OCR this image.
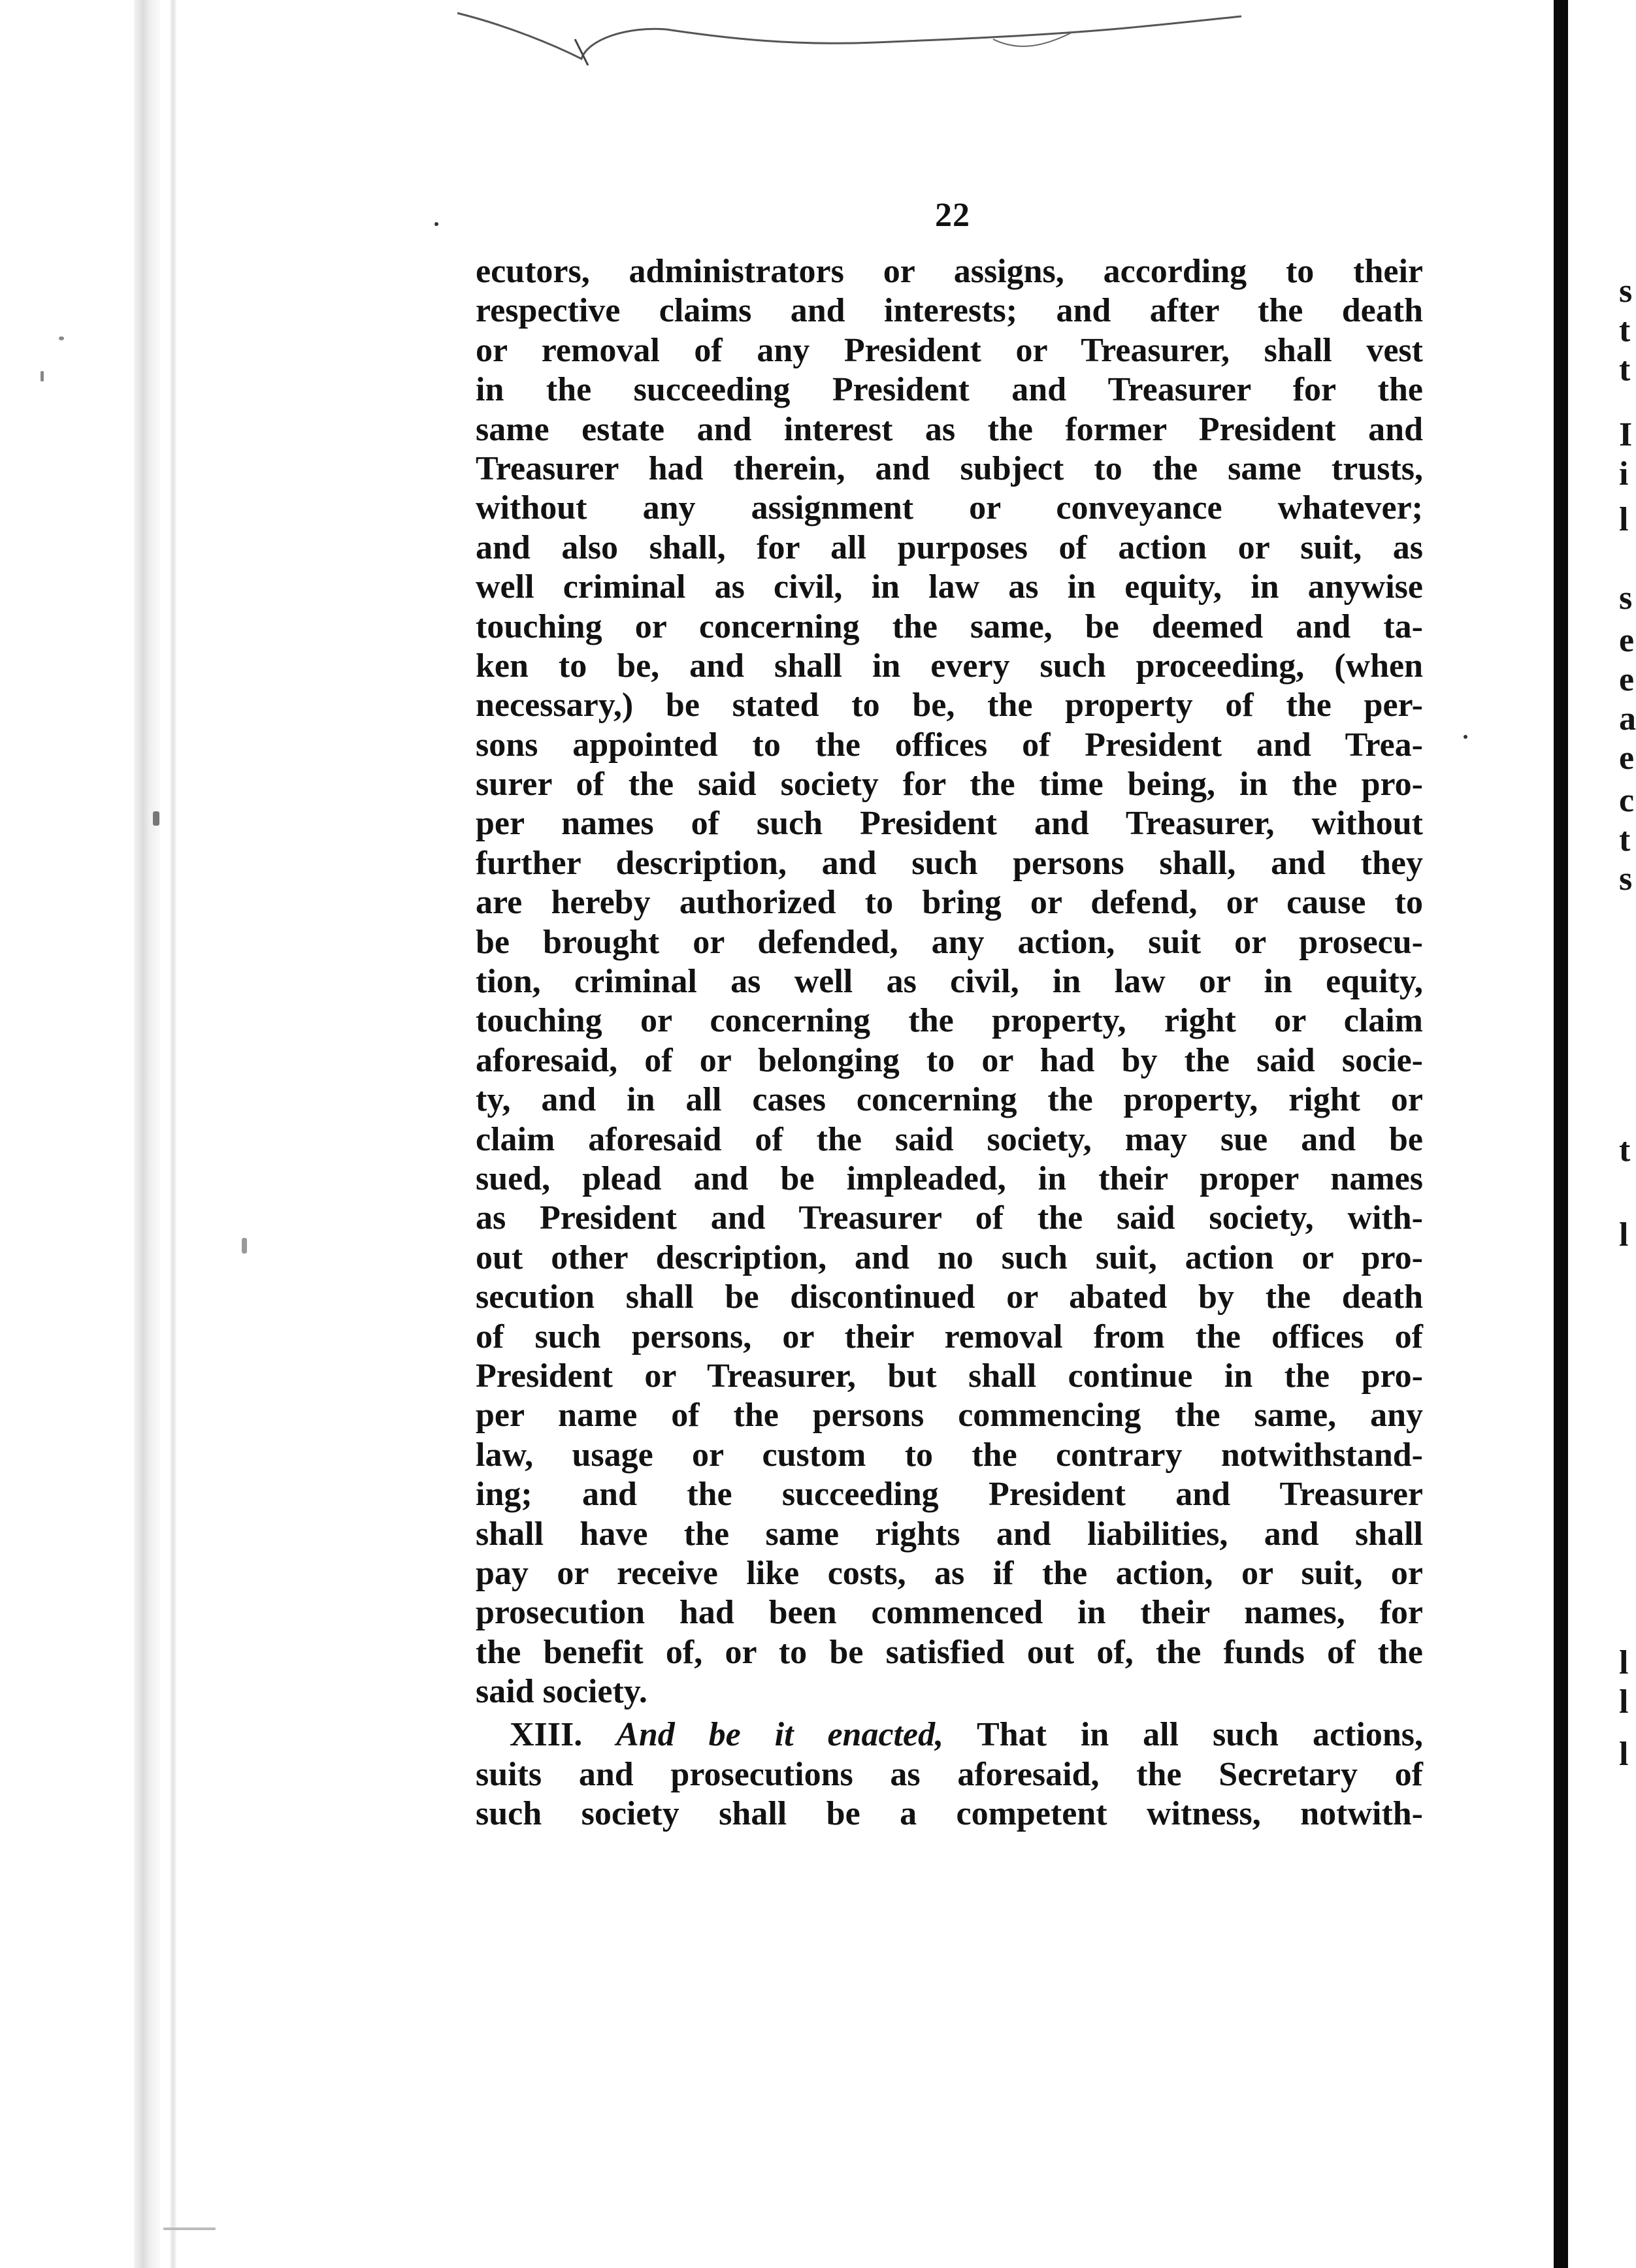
22
ecutors, administrators or assigns, according to their
respective claims and interests; and after the death
or removal of any President or Treasurer, shall vest
in the succeeding President and Treasurer for the
same estate and interest as the former President and
Treasurer had therein, and subject to the same trusts,
without any assignment or conveyance whatever;
and also shall, for all purposes of action or suit, as
well criminal as civil, in law as in equity, in anywise
touching or concerning the same, be deemed and ta-
ken to be, and shall in every such proceeding, (when
necessary,) be stated to be, the property of the per-
sons appointed to the offices of President and Trea-
surer of the said society for the time being, in the pro-
per names of such President and Treasurer, without
further description, and such persons shall, and they
are hereby authorized to bring or defend, or cause to
be brought or defended, any action, suit or prosecu-
tion, criminal as well as civil, in law or in equity,
touching or concerning the property, right or claim
aforesaid, of or belonging to or had by the said socie-
ty, and in all cases concerning the property, right or
claim aforesaid of the said society, may sue and be
sued, plead and be impleaded, in their proper names
as President and Treasurer of the said society, with-
out other description, and no such suit, action or pro-
secution shall be discontinued or abated by the death
of such persons, or their removal from the offices of
President or Treasurer, but shall continue in the pro-
per name of the persons commencing the same, any
law, usage or custom to the contrary notwithstand-
ing; and the succeeding President and Treasurer
shall have the same rights and liabilities, and shall
pay or receive like costs, as if the action, or suit, or
prosecution had been commenced in their names, for
the benefit of, or to be satisfied out of, the funds of the
said society.
XIII. And be it enacted, That in all such actions,
suits and prosecutions as aforesaid, the Secretary of
such society shall be a competent witness, notwith-
s
t
t
I
i
l
s
e
e
a
e
c
t
s
t
l
l
l
l
